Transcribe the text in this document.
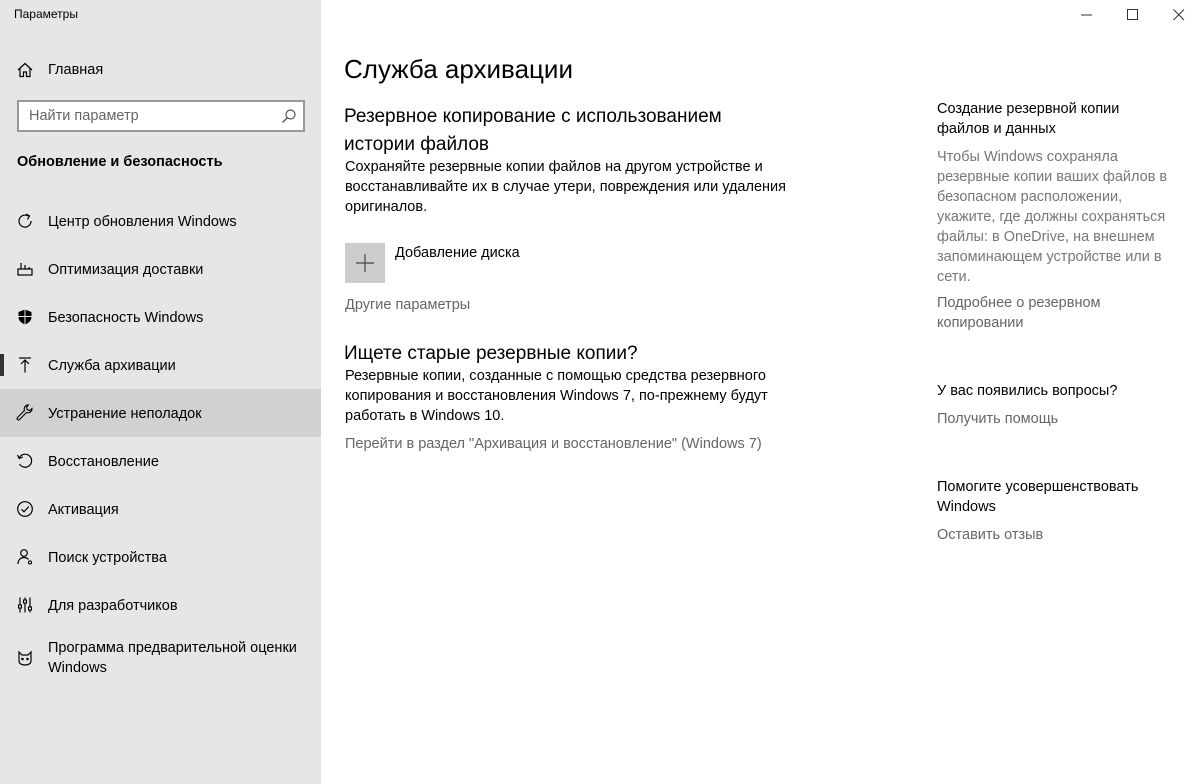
Параметры
Главная
Найти параметр
Обновление и безопасность
Центр обновления Windows
Оптимизация доставки
Безопасность Windows
Служба архивации
Устранение неполадок
Восстановление
Активация
Поиск устройства
Для разработчиков
Программа предварительной оценки Windows
Служба архивации
Резервное копирование с использованием
истории файлов
Сохраняйте резервные копии файлов на другом устройстве и
восстанавливайте их в случае утери, повреждения или удаления
оригиналов.
Добавление диска
Другие параметры
Ищете старые резервные копии?
Резервные копии, созданные с помощью средства резервного
копирования и восстановления Windows 7, по-прежнему будут
работать в Windows 10.
Перейти в раздел "Архивация и восстановление" (Windows 7)
Создание резервной копии
файлов и данных
Чтобы Windows сохраняла
резервные копии ваших файлов в
безопасном расположении,
укажите, где должны сохраняться
файлы: в OneDrive, на внешнем
запоминающем устройстве или в
сети.
Подробнее о резервном
копировании
У вас появились вопросы?
Получить помощь
Помогите усовершенствовать
Windows
Оставить отзыв
